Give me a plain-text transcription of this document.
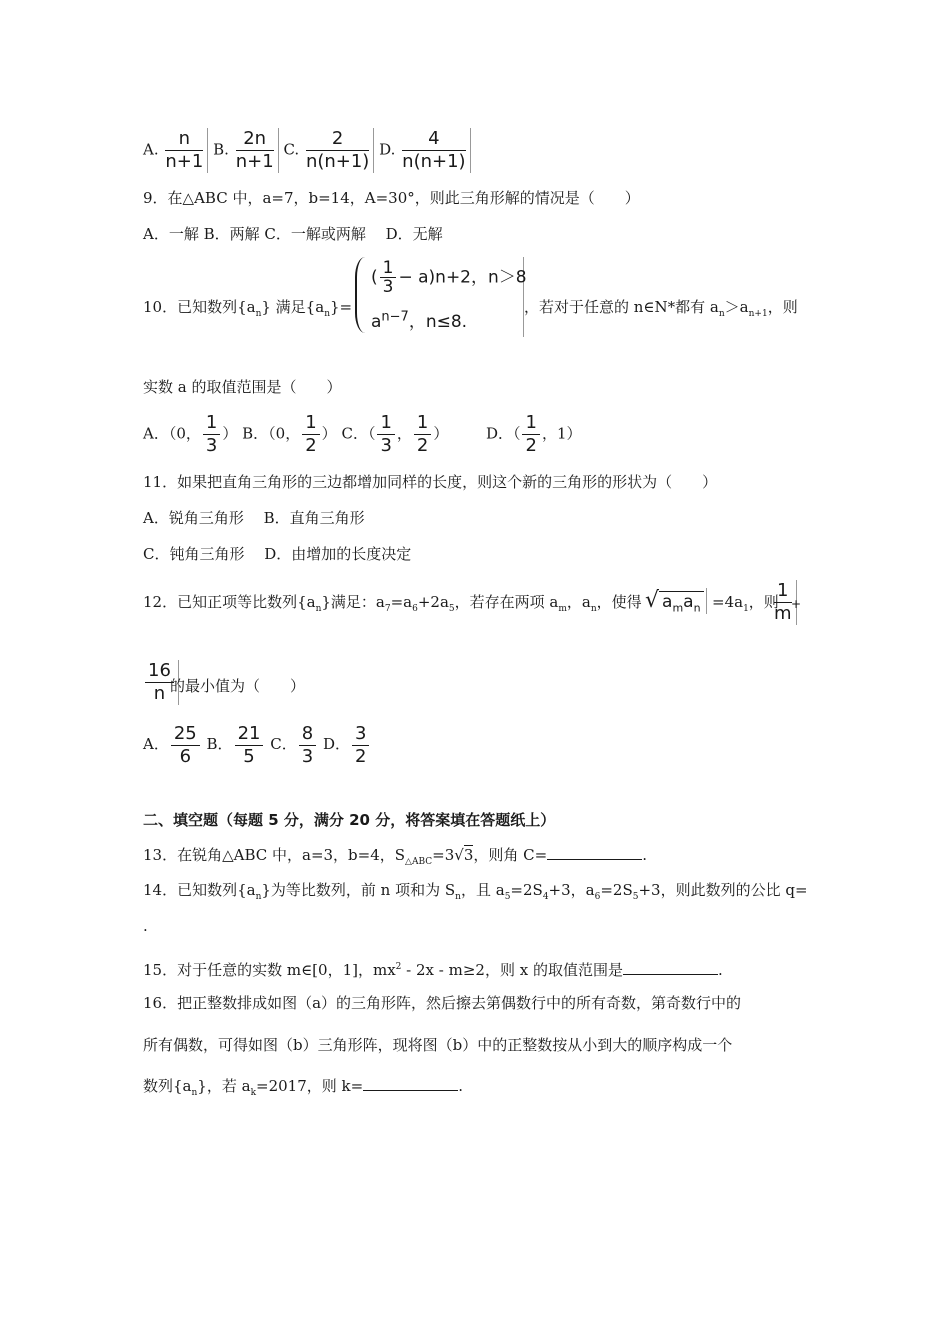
A. $\frac{n}{n+1} B$. $\frac{2n}{n+1} C$. $\frac{2}{n(n+1)} D$. $\frac{4}{n(n+1)}$
9．在△ABC 中，a=7，b=14，A=30°，则此三角形解的情况是（　　）
A．一解 B．两解 C．一解或两解　 D．无解
10．已知数列$\{a_n\}$ 满足$\{a_n\}=$
( $\frac{1}{3} - a)n+2$，n＞8
$a^{n-7}$，n≤8.
，若对于任意的 n∈N*都有 $a_n>a_{n+1}$，则
实数 a 的取值范围是（　　）
A．（0， $\frac{1}{3}$ ） B．（0， $\frac{1}{2}$ ） C．（ $\frac{1}{3}$ ， $\frac{1}{2}$ ）	D．（ $\frac{1}{2}$ ，1）
11．如果把直角三角形的三边都增加同样的长度，则这个新的三角形的形状为（　　）
A．锐角三角形　 B．直角三角形
C．钝角三角形　 D．由增加的长度决定
12．已知正项等比数列$\{a_n\}$满足：$a_7=a_6+2a_5$，若存在两项 $a_m$，$a_n$，使得 √ $a_ma_n =4a_1$，则
$\frac{1}{m}$ +
$\frac{16}{n}$
的最小值为（　　）
A． $\frac{25}{6}$ B． $\frac{21}{5}$ C． $\frac{8}{3}$ D． $\frac{3}{2}$
二、填空题（每题 5 分，满分 20 分，将答案填在答题纸上）
13．在锐角△ABC 中，a=3，b=4，$S_{\triangle ABC}=3√3$，则角 C=	.
14．已知数列$\{a_n\}$为等比数列，前 n 项和为 $S_n$，且 $a_5=2S_4+3$，$a_6=2S_5+3$，则此数列的公比 q=
.
15．对于任意的实数 m∈[0，1]，$mx^2 - 2x - m\ge 2$，则 x 的取值范围是	.
16．把正整数排成如图（a）的三角形阵，然后擦去第偶数行中的所有奇数，第奇数行中的
所有偶数，可得如图（b）三角形阵，现将图（b）中的正整数按从小到大的顺序构成一个
数列$\{a_n\}$，若 $a_k=2017$，则 k=	.
